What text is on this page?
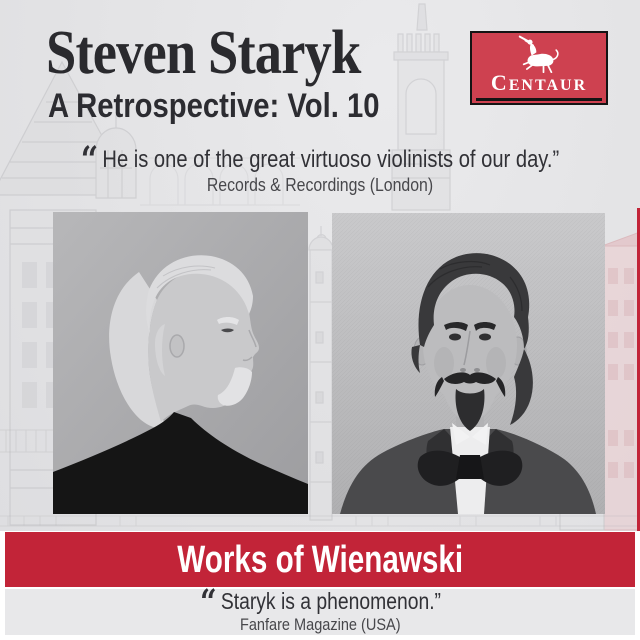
Steven Staryk
A Retrospective: Vol. 10
CENTAUR
“ He is one of the great virtuoso violinists of our day.”
Records & Recordings (London)
Works of Wienawski
“ Staryk is a phenomenon.”
Fanfare Magazine (USA)
